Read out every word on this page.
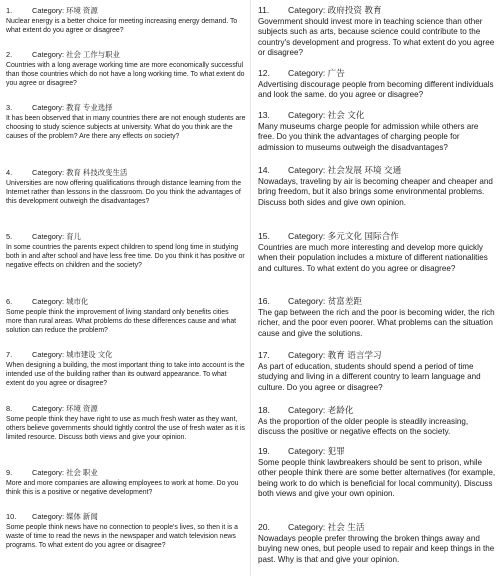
1.	Category: 环境 资源
Nuclear energy is a better choice for meeting increasing energy demand. To what extent do you agree or disagree?
2.	Category: 社会 工作与职业
Countries with a long average working time are more economically successful than those countries which do not have a long working time. To what extent do you agree or disagree?
3.	Category: 教育 专业选择
It has been observed that in many countries there are not enough students are choosing to study science subjects at university. What do you think are the causes of the problem? Are there any effects on society?
4.	Category: 教育 科技改变生活
Universities are now offering qualifications through distance learning from the Internet rather than lessons in the classroom. Do you think the advantages of this development outweigh the disadvantages?
5.	Category: 育儿
In some countries the parents expect children to spend long time in studying both in and after school and have less free time. Do you think it has positive or negative effects on children and the society?
6.	Category: 城市化
Some people think the improvement of living standard only benefits cities more than rural areas. What problems do these differences cause and what solution can reduce the problem?
7.	Category: 城市建设 文化
When designing a building, the most important thing to take into account is the intended use of the building rather than its outward appearance. To what extent do you agree or disagree?
8.	Category: 环境 资源
Some people think they have right to use as much fresh water as they want, others believe governments should tightly control the use of fresh water as it is limited resource. Discuss both views and give your opinion.
9.	Category: 社会 职业
More and more companies are allowing employees to work at home. Do you think this is a positive or negative development?
10. Category: 媒体 新闻
Some people think news have no connection to people's lives, so then it is a waste of time to read the news in the newspaper and watch television news programs. To what extent do you agree or disagree?
11. Category: 政府投资 教育
Government should invest more in teaching science than other subjects such as arts, because science could contribute to the country's development and progress. To what extent do you agree or disagree?
12. Category: 广告
Advertising discourage people from becoming different individuals and look the same. do you agree or disagree?
13. Category: 社会 文化
Many museums charge people for admission while others are free. Do you think the advantages of charging people for admission to museums outweigh the disadvantages?
14. Category: 社会发展 环境 交通
Nowadays, traveling by air is becoming cheaper and cheaper and bring freedom, but it also brings some environmental problems. Discuss both sides and give own opinion.
15. Category: 多元文化 国际合作
Countries are much more interesting and develop more quickly when their population includes a mixture of different nationalities and cultures. To what extent do you agree or disagree?
16. Category: 贫富差距
The gap between the rich and the poor is becoming wider, the rich richer, and the poor even poorer. What problems can the situation cause and give the solutions.
17. Category: 教育 语言学习
As part of education, students should spend a period of time studying and living in a different country to learn language and culture. Do you agree or disagree?
18. Category: 老龄化
As the proportion of the older people is steadily increasing, discuss the positive or negative effects on the society.
19. Category: 犯罪
Some people think lawbreakers should be sent to prison, while other people think there are some better alternatives (for example, being work to do which is beneficial for local community). Discuss both views and give your own opinion.
20. Category: 社会 生活
Nowadays people prefer throwing the broken things away and buying new ones, but people used to repair and keep things in the past. Why is that and give your opinion.
